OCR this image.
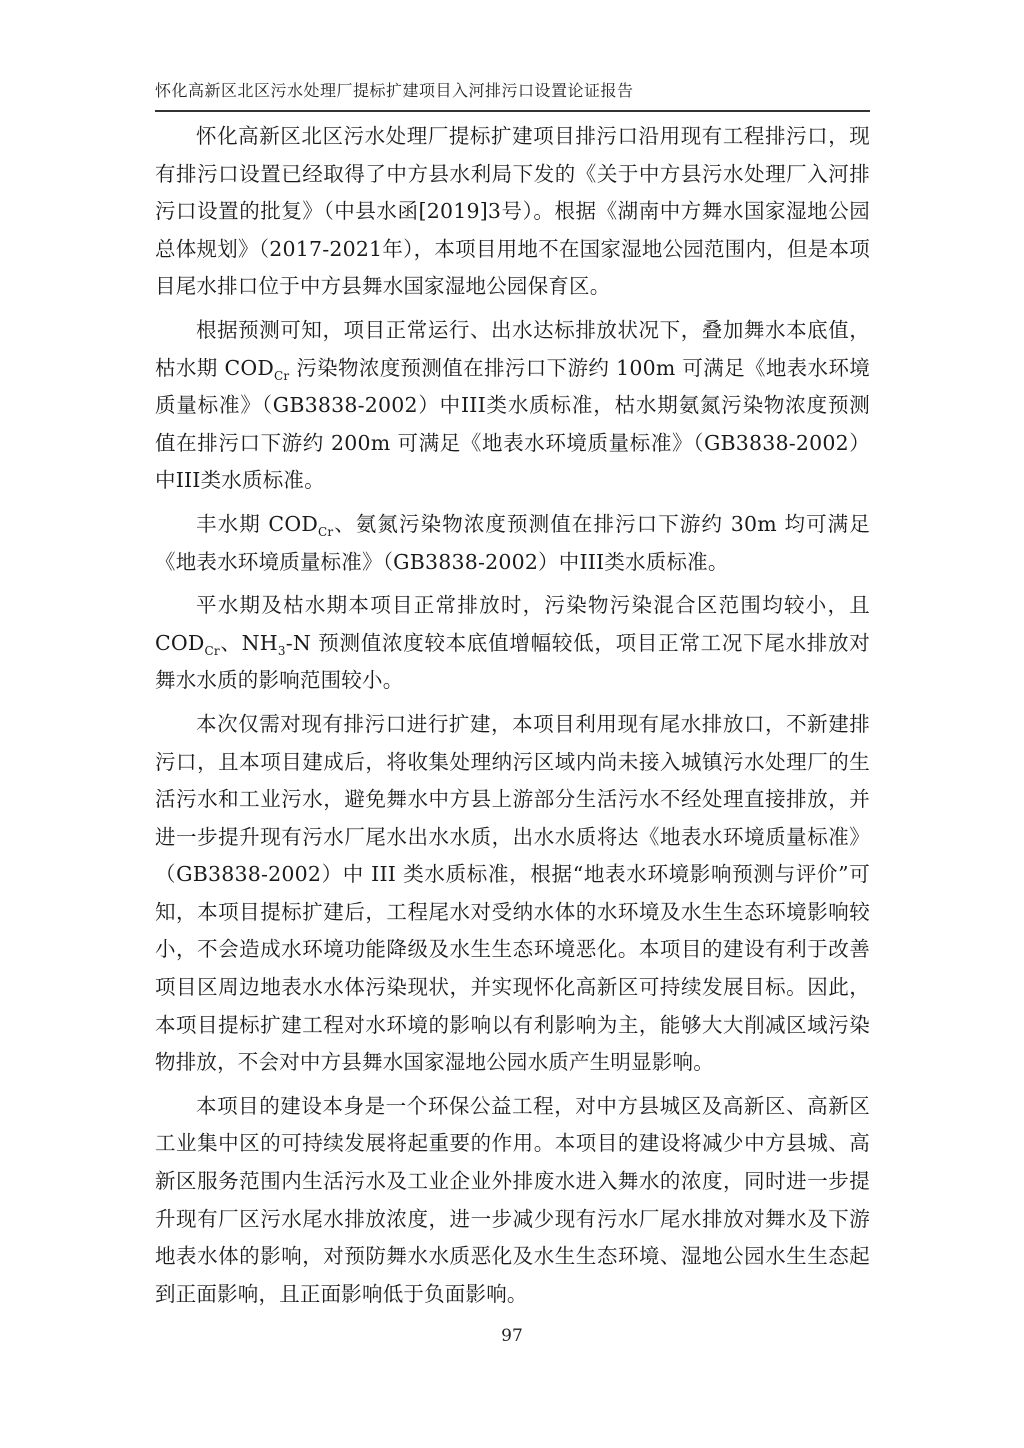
怀化高新区北区污水处理厂提标扩建项目入河排污口设置论证报告

怀化高新区北区污水处理厂提标扩建项目排污口沿用现有工程排污口，现有排污口设置已经取得了中方县水利局下发的《关于中方县污水处理厂入河排污口设置的批复》（中县水函[2019]3号）。根据《湖南中方舞水国家湿地公园总体规划》（2017-2021年），本项目用地不在国家湿地公园范围内，但是本项目尾水排口位于中方县舞水国家湿地公园保育区。

根据预测可知，项目正常运行、出水达标排放状况下，叠加舞水本底值，枯水期 $COD_{Cr}$ 污染物浓度预测值在排污口下游约 100m 可满足《地表水环境质量标准》（GB3838-2002）中III类水质标准，枯水期氨氮污染物浓度预测值在排污口下游约 200m 可满足《地表水环境质量标准》（GB3838-2002）中III类水质标准。

丰水期 $COD_{Cr}$、氨氮污染物浓度预测值在排污口下游约 30m 均可满足《地表水环境质量标准》（GB3838-2002）中III类水质标准。

平水期及枯水期本项目正常排放时，污染物污染混合区范围均较小，且 $COD_{Cr}$、$NH_3-N$ 预测值浓度较本底值增幅较低，项目正常工况下尾水排放对舞水水质的影响范围较小。

本次仅需对现有排污口进行扩建，本项目利用现有尾水排放口，不新建排污口，且本项目建成后，将收集处理纳污区域内尚未接入城镇污水处理厂的生活污水和工业污水，避免舞水中方县上游部分生活污水不经处理直接排放，并进一步提升现有污水厂尾水出水水质，出水水质将达《地表水环境质量标准》（GB3838-2002）中 III 类水质标准，根据“地表水环境影响预测与评价”可知，本项目提标扩建后，工程尾水对受纳水体的水环境及水生生态环境影响较小，不会造成水环境功能降级及水生生态环境恶化。本项目的建设有利于改善项目区周边地表水水体污染现状，并实现怀化高新区可持续发展目标。因此，本项目提标扩建工程对水环境的影响以有利影响为主，能够大大削减区域污染物排放，不会对中方县舞水国家湿地公园水质产生明显影响。

本项目的建设本身是一个环保公益工程，对中方县城区及高新区、高新区工业集中区的可持续发展将起重要的作用。本项目的建设将减少中方县城、高新区服务范围内生活污水及工业企业外排废水进入舞水的浓度，同时进一步提升现有厂区污水尾水排放浓度，进一步减少现有污水厂尾水排放对舞水及下游地表水体的影响，对预防舞水水质恶化及水生生态环境、湿地公园水生生态起到正面影响，且正面影响低于负面影响。

97
